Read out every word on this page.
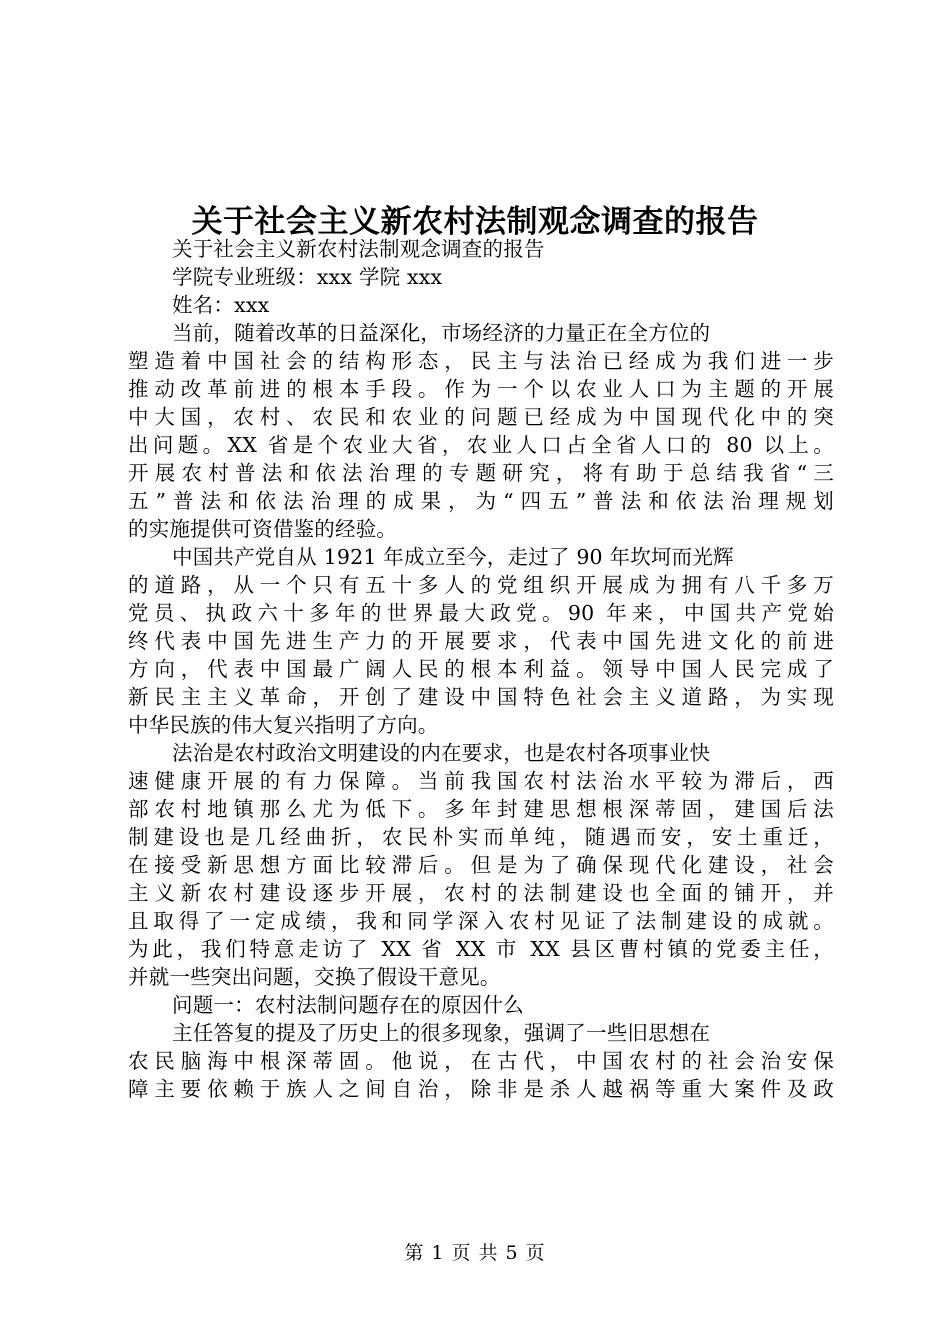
关于社会主义新农村法制观念调查的报告
关于社会主义新农村法制观念调查的报告
学院专业班级：xxx 学院 xxx
姓名：xxx
当前，随着改革的日益深化，市场经济的力量正在全方位的
塑造着中国社会的结构形态，民主与法治已经成为我们进一步
推动改革前进的根本手段。作为一个以农业人口为主题的开展
中大国，农村、农民和农业的问题已经成为中国现代化中的突
出问题。XX 省是个农业大省，农业人口占全省人口的 80 以上。
开展农村普法和依法治理的专题研究，将有助于总结我省“三
五”普法和依法治理的成果，为“四五”普法和依法治理规划
的实施提供可资借鉴的经验。
中国共产党自从 1921 年成立至今，走过了 90 年坎坷而光辉
的道路，从一个只有五十多人的党组织开展成为拥有八千多万
党员、执政六十多年的世界最大政党。90 年来，中国共产党始
终代表中国先进生产力的开展要求，代表中国先进文化的前进
方向，代表中国最广阔人民的根本利益。领导中国人民完成了
新民主主义革命，开创了建设中国特色社会主义道路，为实现
中华民族的伟大复兴指明了方向。
法治是农村政治文明建设的内在要求，也是农村各项事业快
速健康开展的有力保障。当前我国农村法治水平较为滞后，西
部农村地镇那么尤为低下。多年封建思想根深蒂固，建国后法
制建设也是几经曲折，农民朴实而单纯，随遇而安，安土重迁，
在接受新思想方面比较滞后。但是为了确保现代化建设，社会
主义新农村建设逐步开展，农村的法制建设也全面的铺开，并
且取得了一定成绩，我和同学深入农村见证了法制建设的成就。
为此，我们特意走访了 XX 省 XX 市 XX 县区曹村镇的党委主任，
并就一些突出问题，交换了假设干意见。
问题一：农村法制问题存在的原因什么
主任答复的提及了历史上的很多现象，强调了一些旧思想在
农民脑海中根深蒂固。他说，在古代，中国农村的社会治安保
障主要依赖于族人之间自治，除非是杀人越祸等重大案件及政
第 1 页 共 5 页
